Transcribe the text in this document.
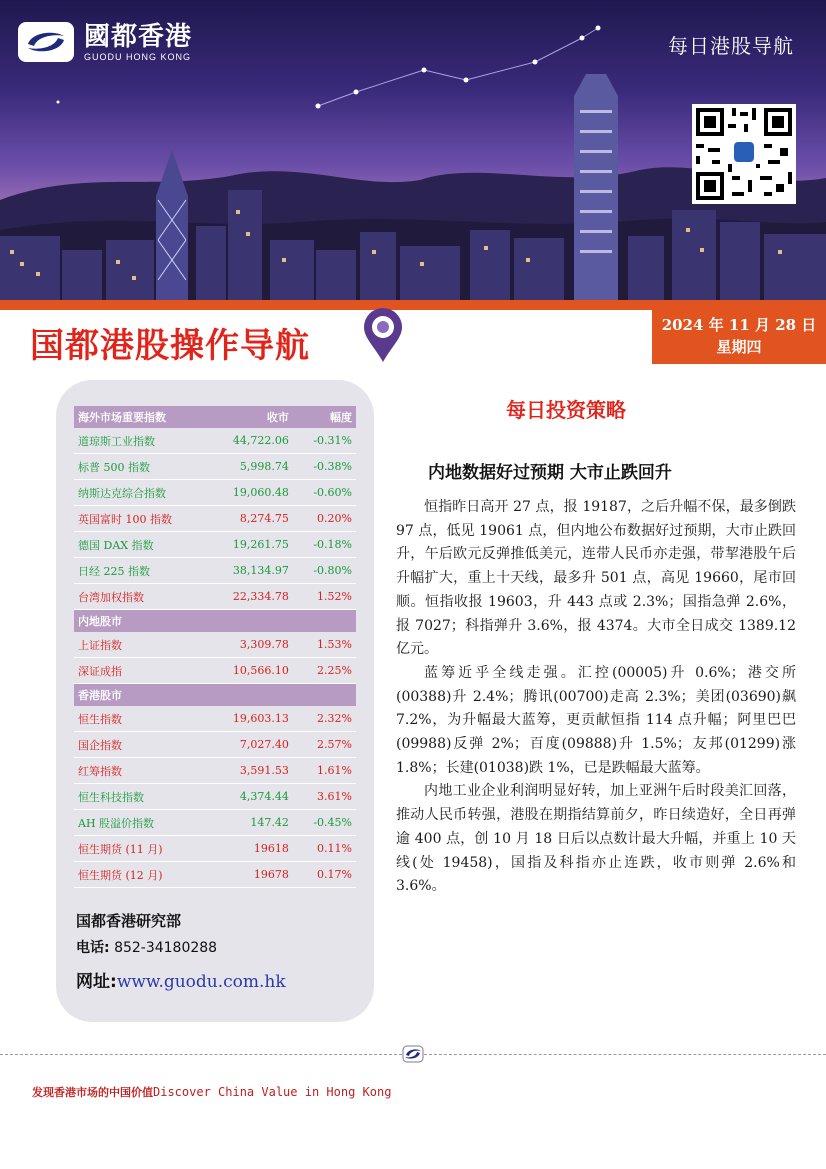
國都香港
GUODU HONG KONG	每日港股导航
国都港股操作导航
2024 年 11 月 28 日
星期四
海外市场重要指数	收市	幅度
道琼斯工业指数	44,722.06	-0.31%
标普 500 指数	5,998.74	-0.38%
纳斯达克综合指数	19,060.48	-0.60%
英国富时 100 指数	8,274.75	0.20%
德国 DAX 指数	19,261.75	-0.18%
日经 225 指数	38,134.97	-0.80%
台湾加权指数	22,334.78	1.52%
内地股市		
上证指数	3,309.78	1.53%
深证成指	10,566.10	2.25%
香港股市		
恒生指数	19,603.13	2.32%
国企指数	7,027.40	2.57%
红筹指数	3,591.53	1.61%
恒生科技指数	4,374.44	3.61%
AH 股溢价指数	147.42	-0.45%
恒生期货 (11 月)	19618	0.11%
恒生期货 (12 月)	19678	0.17%
国都香港研究部
电话: 852-34180288
网址:www.guodu.com.hk
每日投资策略
内地数据好过预期 大市止跌回升

恒指昨日高开 27 点，报 19187，之后升幅不保，最多倒跌 97 点，低见 19061 点，但内地公布数据好过预期，大市止跌回升，午后欧元反弹推低美元，连带人民币亦走强，带挈港股午后升幅扩大，重上十天线，最多升 501 点，高见 19660，尾市回顺。恒指收报 19603，升 443 点或 2.3%；国指急弹 2.6%，报 7027；科指弹升 3.6%，报 4374。大市全日成交 1389.12 亿元。

蓝筹近乎全线走强。汇控(00005)升 0.6%；港交所(00388)升 2.4%；腾讯(00700)走高 2.3%；美团(03690)飙 7.2%，为升幅最大蓝筹，更贡献恒指 114 点升幅；阿里巴巴(09988)反弹 2%；百度(09888)升 1.5%；友邦(01299)涨 1.8%；长建(01038)跌 1%，已是跌幅最大蓝筹。

内地工业企业利润明显好转，加上亚洲午后时段美汇回落，推动人民币转强，港股在期指结算前夕，昨日续造好，全日再弹逾 400 点，创 10 月 18 日后以点数计最大升幅，并重上 10 天线(处 19458)，国指及科指亦止连跌，收市则弹 2.6%和 3.6%。

发现香港市场的中国价值Discover China Value in Hong Kong
